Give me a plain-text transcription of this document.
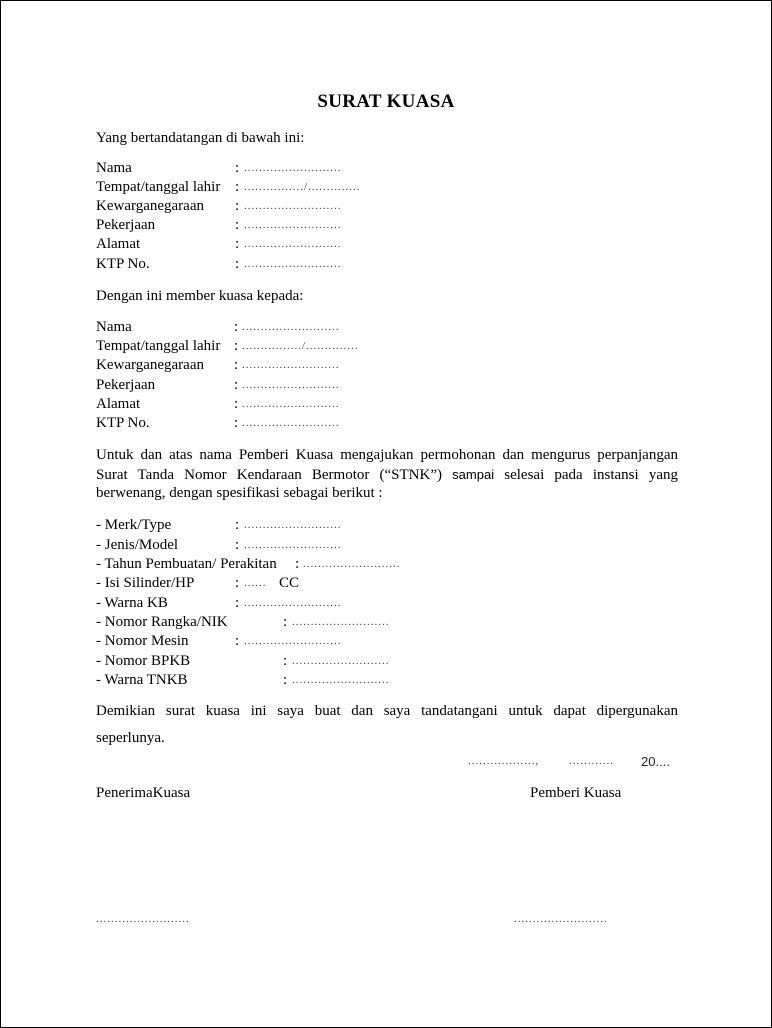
SURAT KUASA
Yang bertandatangan di bawah ini:
Nama	: ..........................
Tempat/tanggal lahir : ................/..............
Kewarganegaraan : ..........................
Pekerjaan	: ..........................
Alamat	: ..........................
KTP No.	: ..........................
Dengan ini member kuasa kepada:
Nama	: ..........................
Tempat/tanggal lahir : ................/..............
Kewarganegaraan : ..........................
Pekerjaan	: ..........................
Alamat	: ..........................
KTP No.	: ..........................
Untuk dan atas nama Pemberi Kuasa mengajukan permohonan dan mengurus perpanjangan
Surat Tanda Nomor Kendaraan Bermotor (“STNK”) sampai selesai pada instansi yang
berwenang, dengan spesifikasi sebagai berikut :
- Merk/Type	: ..........................
- Jenis/Model	: ..........................
- Tahun Pembuatan/ Perakitan : ..........................
- Isi Silinder/HP	: ...... CC
- Warna KB	: ..........................
- Nomor Rangka/NIK	: ..........................
- Nomor Mesin	: ..........................
- Nomor BPKB	: ..........................
- Warna TNKB	: ..........................
Demikian surat kuasa ini saya buat dan saya tandatangani untuk dapat dipergunakan
seperlunya.
..................,	............ 20....
PenerimaKuasa	Pemberi Kuasa
.........................	.........................
